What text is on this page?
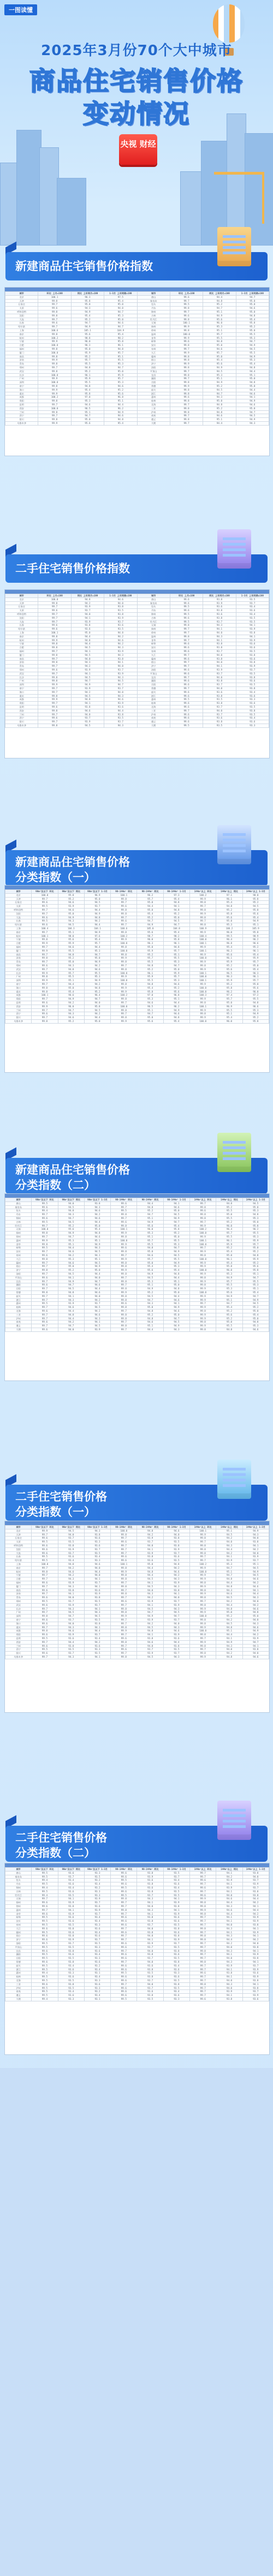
一图读懂
2025年3月份70个大中城市
商品住宅销售价格
变动情况
央视 财经
新建商品住宅销售价格指数
城市	环比 上月=100	同比 上年同月=100	1-3月 上年同期=100	城市	环比 上月=100	同比 上年同月=100	1-3月 上年同期=100
北京	100.1	96.3	97.5	唐山	99.6	94.4	94.7
天津	99.8	95.8	95.4	秦皇岛	99.7	94.8	95.0
石家庄	99.7	95.0	95.0	包头	99.5	95.2	95.0
太原	99.6	94.3	94.0	丹东	99.8	94.7	94.6
呼和浩特	99.8	94.9	94.7	锦州	99.7	95.1	95.0
沈阳	99.8	95.4	95.3	吉林	99.6	94.9	94.8
大连	99.7	95.2	95.0	牡丹江	99.8	95.6	95.4
长春	99.6	94.7	94.6	无锡	100.1	96.0	95.8
哈尔滨	99.7	94.9	94.7	扬州	99.9	95.3	95.2
上海	100.6	105.1	104.9	徐州	99.8	95.1	95.0
南京	99.8	95.6	95.4	温州	100.0	95.7	95.5
杭州	100.2	98.8	98.2	金华	99.9	95.5	95.3
宁波	99.9	96.0	95.8	蚌埠	99.6	94.8	94.7
合肥	100.0	96.3	96.1	安庆	99.8	95.0	94.9
福州	99.8	95.0	94.8	泉州	99.7	94.6	94.5
厦门	100.0	95.9	95.7	九江	99.9	95.7	95.5
南昌	99.8	95.2	95.1	赣州	99.8	95.0	94.9
济南	99.9	95.7	95.5	烟台	99.8	95.4	95.3
青岛	99.8	95.5	95.3	济宁	99.9	95.6	95.4
郑州	99.7	94.8	94.7	洛阳	99.8	94.9	94.8
武汉	99.8	95.2	95.0	平顶山	99.7	94.5	94.4
长沙	100.0	96.1	95.9	宜昌	99.8	95.3	95.1
广州	99.9	95.9	95.7	襄阳	99.7	95.1	95.0
深圳	100.0	95.5	95.3	岳阳	99.8	94.9	94.8
南宁	99.8	94.8	94.6	常德	99.9	95.2	95.0
海口	99.9	95.4	95.2	韶关	99.8	94.5	94.4
重庆	99.9	95.8	95.6	湛江	99.8	94.7	94.6
成都	100.2	97.0	96.8	惠州	99.6	94.3	94.1
贵阳	99.8	95.3	95.1	桂林	99.8	95.0	94.9
昆明	99.7	94.6	94.4	北海	99.7	94.8	94.6
西安	100.0	96.5	96.2	三亚	99.8	95.2	95.0
兰州	99.8	95.1	94.9	泸州	99.8	94.8	94.7
西宁	99.7	94.7	94.6	南充	99.7	94.6	94.5
银川	99.8	95.0	94.8	遵义	99.8	95.1	94.9
乌鲁木齐	99.9	95.6	95.4	大理	99.7	94.4	94.3
二手住宅销售价格指数
城市	环比 上月=100	同比 上年同月=100	1-3月 上年同期=100	城市	环比 上月=100	同比 上年同月=100	1-3月 上年同期=100
北京	100.0	94.8	94.6	唐山	99.6	93.8	93.5
天津	99.8	94.2	94.0	秦皇岛	99.6	93.9	93.7
石家庄	99.7	93.9	93.8	包头	99.5	93.6	93.4
太原	99.6	93.7	93.5	丹东	99.6	93.8	93.6
呼和浩特	99.7	94.0	93.8	锦州	99.5	93.6	93.4
沈阳	99.7	94.1	93.9	吉林	99.6	93.8	93.5
大连	99.7	93.9	93.7	牡丹江	99.5	93.7	93.5
长春	99.6	93.8	93.6	无锡	99.8	94.3	94.1
哈尔滨	99.6	93.6	93.5	扬州	99.7	94.1	93.9
上海	100.1	95.0	94.8	徐州	99.7	94.0	93.8
南京	99.8	94.4	94.2	温州	99.8	94.3	94.1
杭州	99.9	94.8	94.6	金华	99.7	94.1	93.9
宁波	99.8	94.4	94.2	蚌埠	99.6	93.8	93.6
合肥	99.8	94.5	94.3	安庆	99.6	93.8	93.6
福州	99.7	94.1	93.9	泉州	99.6	93.7	93.5
厦门	99.8	94.5	94.3	九江	99.7	94.0	93.8
南昌	99.7	94.0	93.8	赣州	99.6	93.8	93.6
济南	99.8	94.3	94.1	烟台	99.7	94.0	93.8
青岛	99.7	94.2	94.0	济宁	99.7	94.1	93.9
郑州	99.6	93.9	93.7	洛阳	99.6	93.9	93.7
武汉	99.7	94.1	93.9	平顶山	99.6	93.7	93.5
长沙	99.8	94.5	94.3	宜昌	99.7	94.0	93.8
广州	99.8	94.7	94.5	襄阳	99.6	93.8	93.6
深圳	99.9	94.9	94.7	岳阳	99.6	93.7	93.5
南宁	99.7	93.9	93.7	常德	99.7	94.0	93.8
海口	99.7	94.2	94.0	韶关	99.6	93.6	93.4
重庆	99.8	94.5	94.3	湛江	99.6	93.8	93.6
成都	99.9	94.8	94.6	惠州	99.5	93.5	93.3
贵阳	99.7	94.1	93.9	桂林	99.6	93.8	93.6
昆明	99.6	93.8	93.6	北海	99.6	93.7	93.5
西安	99.8	94.6	94.4	三亚	99.7	94.0	93.8
兰州	99.7	94.0	93.8	泸州	99.6	93.7	93.5
西宁	99.6	93.7	93.5	南充	99.6	93.6	93.4
银川	99.7	93.9	93.7	遵义	99.6	93.8	93.6
乌鲁木齐	99.8	94.5	94.3	大理	99.5	93.5	93.3
新建商品住宅销售价格
分类指数（一）
城市	90m²及以下 环比	90m²及以下 同比	90m²及以下 1-3月	90-144m² 环比	90-144m² 同比	90-144m² 1-3月	144m²以上 环比	144m²以上 同比	144m²以上 1-3月
北京	100.0	95.8	96.9	100.1	96.2	97.3	100.2	97.1	98.0
天津	99.7	95.2	95.0	99.8	95.7	95.4	99.9	96.1	95.8
石家庄	99.6	94.6	94.5	99.7	95.0	94.8	99.8	95.4	95.2
太原	99.5	93.9	93.7	99.6	94.4	94.1	99.7	94.8	94.5
呼和浩特	99.7	94.6	94.4	99.8	95.0	94.8	99.8	95.2	95.0
沈阳	99.7	95.0	94.9	99.8	95.4	95.2	99.9	95.8	95.6
大连	99.6	94.9	94.8	99.7	95.2	95.0	99.8	95.6	95.4
长春	99.5	94.3	94.2	99.6	94.7	94.5	99.7	95.0	94.9
哈尔滨	99.6	94.5	94.4	99.7	94.9	94.7	99.8	95.3	95.1
上海	100.4	104.3	104.1	100.6	105.0	104.8	100.9	106.2	105.9
南京	99.7	95.1	94.9	99.8	95.6	95.4	99.9	96.0	95.8
杭州	100.1	98.0	97.6	100.2	98.7	98.2	100.4	99.5	98.9
宁波	99.8	95.6	95.4	99.9	96.0	95.8	100.0	96.4	96.2
合肥	99.9	95.9	95.7	100.0	96.3	96.1	100.1	96.8	96.6
福州	99.7	94.6	94.4	99.8	95.0	94.8	99.9	95.4	95.2
厦门	99.9	95.5	95.3	100.0	95.9	95.7	100.1	96.3	96.1
南昌	99.7	94.8	94.7	99.8	95.2	95.1	99.9	95.6	95.4
济南	99.8	95.2	95.0	99.9	95.7	95.5	100.0	96.1	95.9
青岛	99.7	95.0	94.9	99.8	95.5	95.3	99.9	95.9	95.7
郑州	99.6	94.3	94.2	99.7	94.8	94.7	99.8	95.2	95.0
武汉	99.7	94.8	94.6	99.8	95.2	95.0	99.9	95.6	95.4
长沙	99.9	95.7	95.5	100.0	96.1	95.9	100.1	96.5	96.3
广州	99.8	95.5	95.3	99.9	95.9	95.7	100.0	96.3	96.1
深圳	99.9	95.1	94.9	100.0	95.5	95.3	100.1	95.9	95.7
南宁	99.7	94.4	94.2	99.8	94.8	94.6	99.9	95.2	95.0
海口	99.8	95.0	94.8	99.9	95.4	95.2	100.0	95.8	95.6
重庆	99.8	95.4	95.2	99.9	95.8	95.6	100.0	96.2	96.0
成都	100.1	96.6	96.4	100.2	97.0	96.8	100.3	97.4	97.2
贵阳	99.7	94.9	94.7	99.8	95.3	95.1	99.9	95.7	95.5
昆明	99.6	94.2	94.0	99.7	94.6	94.4	99.8	95.0	94.8
西安	99.9	96.0	95.8	100.0	96.5	96.2	100.1	96.9	96.6
兰州	99.7	94.7	94.5	99.8	95.1	94.9	99.9	95.5	95.3
西宁	99.6	94.3	94.2	99.7	94.7	94.6	99.8	95.1	94.9
银川	99.7	94.6	94.4	99.8	95.0	94.8	99.9	95.4	95.2
乌鲁木齐	99.8	95.2	95.0	99.9	95.6	95.4	100.0	96.0	95.8
新建商品住宅销售价格
分类指数（二）
城市	90m²及以下 环比	90m²及以下 同比	90m²及以下 1-3月	90-144m² 环比	90-144m² 同比	90-144m² 1-3月	144m²以上 环比	144m²以上 同比	144m²以上 1-3月
唐山	99.5	94.0	93.8	99.6	94.4	94.1	99.7	94.8	94.5
秦皇岛	99.6	94.5	94.3	99.7	94.8	94.6	99.8	95.2	95.0
包头	99.4	94.8	94.6	99.5	95.2	95.0	99.6	95.5	95.3
丹东	99.7	94.3	94.2	99.8	94.7	94.5	99.8	95.0	94.8
锦州	99.6	94.7	94.6	99.7	95.1	94.9	99.8	95.5	95.3
吉林	99.5	94.5	94.4	99.6	94.9	94.7	99.7	95.2	95.0
牡丹江	99.7	95.2	95.0	99.8	95.6	95.4	99.9	96.0	95.8
无锡	100.0	95.6	95.4	100.1	96.0	95.8	100.2	96.4	96.2
扬州	99.8	94.9	94.8	99.9	95.3	95.2	100.0	95.7	95.5
徐州	99.7	94.7	94.6	99.8	95.1	95.0	99.9	95.5	95.3
温州	99.9	95.3	95.1	100.0	95.7	95.5	100.1	96.1	95.9
金华	99.8	95.1	94.9	99.9	95.5	95.3	100.0	95.9	95.7
蚌埠	99.5	94.4	94.3	99.6	94.8	94.7	99.7	95.2	95.0
安庆	99.7	94.6	94.5	99.8	95.0	94.9	99.9	95.4	95.2
泉州	99.6	94.2	94.1	99.7	94.6	94.5	99.8	95.0	94.8
九江	99.8	95.3	95.1	99.9	95.7	95.5	100.0	96.1	95.9
赣州	99.7	94.6	94.5	99.8	95.0	94.9	99.9	95.4	95.2
烟台	99.7	95.0	94.9	99.8	95.4	95.3	99.9	95.8	95.6
济宁	99.8	95.2	95.0	99.9	95.6	95.4	100.0	96.0	95.8
洛阳	99.7	94.5	94.4	99.8	94.9	94.8	99.9	95.3	95.1
平顶山	99.6	94.1	94.0	99.7	94.5	94.4	99.8	94.9	94.7
宜昌	99.7	94.9	94.7	99.8	95.3	95.1	99.9	95.7	95.5
襄阳	99.6	94.7	94.6	99.7	95.1	95.0	99.8	95.5	95.3
岳阳	99.7	94.5	94.4	99.8	94.9	94.8	99.9	95.3	95.1
常德	99.8	94.8	94.6	99.9	95.2	95.0	100.0	95.6	95.4
韶关	99.7	94.1	94.0	99.8	94.5	94.4	99.9	94.9	94.7
湛江	99.7	94.3	94.2	99.8	94.7	94.6	99.9	95.1	94.9
惠州	99.5	93.9	93.7	99.6	94.3	94.1	99.7	94.7	94.5
桂林	99.7	94.6	94.5	99.8	95.0	94.9	99.9	95.4	95.2
北海	99.6	94.4	94.2	99.7	94.8	94.6	99.8	95.2	95.0
三亚	99.7	94.8	94.6	99.8	95.2	95.0	99.9	95.6	95.4
泸州	99.7	94.4	94.3	99.8	94.8	94.7	99.9	95.2	95.0
南充	99.6	94.2	94.1	99.7	94.6	94.5	99.8	95.0	94.8
遵义	99.7	94.7	94.5	99.8	95.1	94.9	99.9	95.5	95.3
大理	99.6	94.0	93.9	99.7	94.4	94.3	99.8	94.8	94.6
二手住宅销售价格
分类指数（一）
城市	90m²及以下 环比	90m²及以下 同比	90m²及以下 1-3月	90-144m² 环比	90-144m² 同比	90-144m² 1-3月	144m²以上 环比	144m²以上 同比	144m²以上 1-3月
北京	99.9	94.5	94.3	100.0	94.8	94.6	100.1	95.1	94.9
天津	99.7	94.0	93.8	99.8	94.2	94.0	99.9	94.5	94.3
石家庄	99.6	93.7	93.6	99.7	93.9	93.8	99.8	94.2	94.0
太原	99.5	93.5	93.3	99.6	93.7	93.5	99.7	94.0	93.8
呼和浩特	99.6	93.8	93.6	99.7	94.0	93.8	99.8	94.3	94.1
沈阳	99.6	93.9	93.7	99.7	94.1	93.9	99.8	94.4	94.2
大连	99.6	93.7	93.5	99.7	93.9	93.7	99.8	94.2	94.0
长春	99.5	93.6	93.4	99.6	93.8	93.6	99.7	94.1	93.9
哈尔滨	99.5	93.4	93.3	99.6	93.6	93.5	99.7	93.9	93.7
上海	100.0	94.8	94.6	100.1	95.0	94.8	100.2	95.3	95.1
南京	99.7	94.2	94.0	99.8	94.4	94.2	99.9	94.7	94.5
杭州	99.8	94.6	94.4	99.9	94.8	94.6	100.0	95.1	94.9
宁波	99.7	94.2	94.0	99.8	94.4	94.2	99.9	94.7	94.5
合肥	99.7	94.3	94.1	99.8	94.5	94.3	99.9	94.8	94.6
福州	99.6	93.9	93.7	99.7	94.1	93.9	99.8	94.4	94.2
厦门	99.7	94.3	94.1	99.8	94.5	94.3	99.9	94.8	94.6
南昌	99.6	93.8	93.6	99.7	94.0	93.8	99.8	94.3	94.1
济南	99.7	94.1	93.9	99.8	94.3	94.1	99.9	94.6	94.4
青岛	99.6	94.0	93.8	99.7	94.2	94.0	99.8	94.5	94.3
郑州	99.5	93.7	93.5	99.6	93.9	93.7	99.7	94.2	94.0
武汉	99.6	93.9	93.7	99.7	94.1	93.9	99.8	94.4	94.2
长沙	99.7	94.3	94.1	99.8	94.5	94.3	99.9	94.8	94.6
广州	99.7	94.5	94.3	99.8	94.7	94.5	99.9	95.0	94.8
深圳	99.8	94.7	94.5	99.9	94.9	94.7	100.0	95.2	95.0
南宁	99.6	93.7	93.5	99.7	93.9	93.7	99.8	94.2	94.0
海口	99.6	94.0	93.8	99.7	94.2	94.0	99.8	94.5	94.3
重庆	99.7	94.3	94.1	99.8	94.5	94.3	99.9	94.8	94.6
成都	99.8	94.6	94.4	99.9	94.8	94.6	100.0	95.1	94.9
贵阳	99.6	93.9	93.7	99.7	94.1	93.9	99.8	94.4	94.2
昆明	99.5	93.6	93.4	99.6	93.8	93.6	99.7	94.1	93.9
西安	99.7	94.4	94.2	99.8	94.6	94.4	99.9	94.9	94.7
兰州	99.6	93.8	93.6	99.7	94.0	93.8	99.8	94.3	94.1
西宁	99.5	93.5	93.3	99.6	93.7	93.5	99.7	94.0	93.8
银川	99.6	93.7	93.5	99.7	93.9	93.7	99.8	94.2	94.0
乌鲁木齐	99.7	94.3	94.1	99.8	94.5	94.3	99.9	94.8	94.6
二手住宅销售价格
分类指数（二）
城市	90m²及以下 环比	90m²及以下 同比	90m²及以下 1-3月	90-144m² 环比	90-144m² 同比	90-144m² 1-3月	144m²以上 环比	144m²以上 同比	144m²以上 1-3月
唐山	99.5	93.6	93.3	99.6	93.8	93.5	99.7	94.1	93.8
秦皇岛	99.5	93.7	93.5	99.6	93.9	93.7	99.7	94.2	94.0
包头	99.4	93.4	93.2	99.5	93.6	93.4	99.6	93.9	93.7
丹东	99.5	93.6	93.4	99.6	93.8	93.6	99.7	94.1	93.9
锦州	99.4	93.4	93.2	99.5	93.6	93.4	99.6	93.9	93.7
吉林	99.5	93.6	93.3	99.6	93.8	93.5	99.7	94.1	93.8
牡丹江	99.4	93.5	93.3	99.5	93.7	93.5	99.6	94.0	93.8
无锡	99.7	94.1	93.9	99.8	94.3	94.1	99.9	94.6	94.4
扬州	99.6	93.9	93.7	99.7	94.1	93.9	99.8	94.4	94.2
徐州	99.6	93.8	93.6	99.7	94.0	93.8	99.8	94.3	94.1
温州	99.7	94.1	93.9	99.8	94.3	94.1	99.9	94.6	94.4
金华	99.6	93.9	93.7	99.7	94.1	93.9	99.8	94.4	94.2
蚌埠	99.5	93.6	93.4	99.6	93.8	93.6	99.7	94.1	93.9
安庆	99.5	93.6	93.4	99.6	93.8	93.6	99.7	94.1	93.9
泉州	99.5	93.5	93.3	99.6	93.7	93.5	99.7	94.0	93.8
九江	99.6	93.8	93.6	99.7	94.0	93.8	99.8	94.3	94.1
赣州	99.5	93.6	93.4	99.6	93.8	93.6	99.7	94.1	93.9
烟台	99.6	93.8	93.6	99.7	94.0	93.8	99.8	94.3	94.1
济宁	99.6	93.9	93.7	99.7	94.1	93.9	99.8	94.4	94.2
洛阳	99.5	93.7	93.5	99.6	93.9	93.7	99.7	94.2	94.0
平顶山	99.5	93.5	93.3	99.6	93.7	93.5	99.7	94.0	93.8
宜昌	99.6	93.8	93.6	99.7	94.0	93.8	99.8	94.3	94.1
襄阳	99.5	93.6	93.4	99.6	93.8	93.6	99.7	94.1	93.9
岳阳	99.5	93.5	93.3	99.6	93.7	93.5	99.7	94.0	93.8
常德	99.6	93.8	93.6	99.7	94.0	93.8	99.8	94.3	94.1
韶关	99.5	93.4	93.2	99.6	93.6	93.4	99.7	93.9	93.7
湛江	99.5	93.6	93.4	99.6	93.8	93.6	99.7	94.1	93.9
惠州	99.4	93.3	93.1	99.5	93.5	93.3	99.6	93.8	93.6
桂林	99.5	93.6	93.4	99.6	93.8	93.6	99.7	94.1	93.9
北海	99.5	93.5	93.3	99.6	93.7	93.5	99.7	94.0	93.8
三亚	99.6	93.8	93.6	99.7	94.0	93.8	99.8	94.3	94.1
泸州	99.5	93.5	93.3	99.6	93.7	93.5	99.7	94.0	93.8
南充	99.5	93.4	93.2	99.6	93.6	93.4	99.7	93.9	93.7
遵义	99.5	93.6	93.4	99.6	93.8	93.6	99.7	94.1	93.9
大理	99.4	93.3	93.1	99.5	93.5	93.3	99.6	93.8	93.6
